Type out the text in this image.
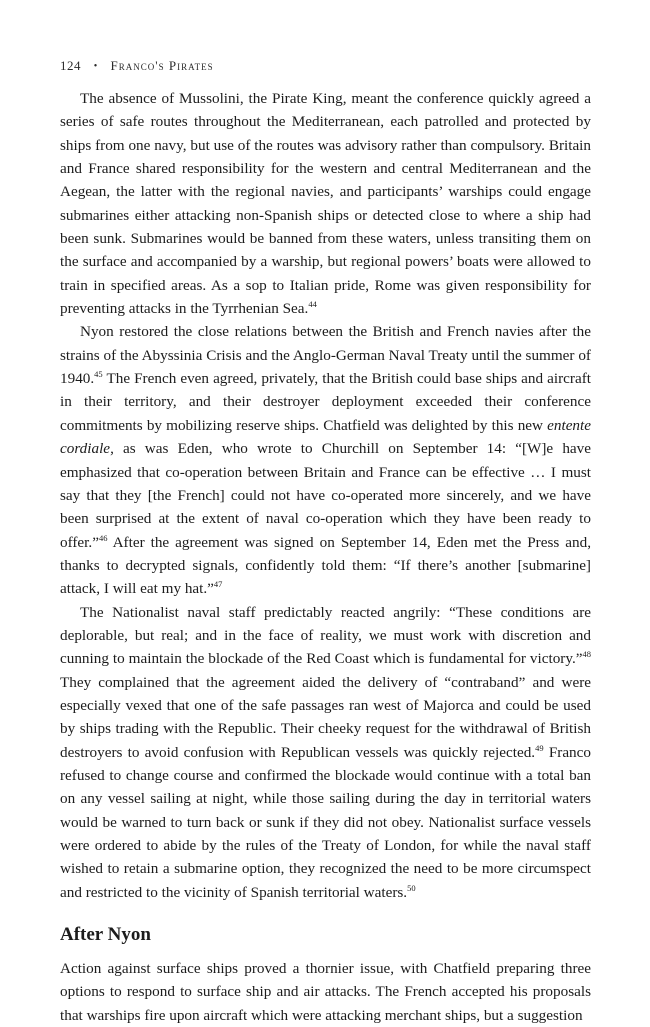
124 • Franco's Pirates

The absence of Mussolini, the Pirate King, meant the conference quickly agreed a series of safe routes throughout the Mediterranean, each patrolled and protected by ships from one navy, but use of the routes was advisory rather than compulsory. Britain and France shared responsibility for the western and central Mediterranean and the Aegean, the latter with the regional navies, and participants’ warships could engage submarines either attacking non-Spanish ships or detected close to where a ship had been sunk. Submarines would be banned from these waters, unless transiting them on the surface and accompanied by a warship, but regional powers’ boats were allowed to train in specified areas. As a sop to Italian pride, Rome was given responsibility for preventing attacks in the Tyrrhenian Sea.$^{44}$

Nyon restored the close relations between the British and French navies after the strains of the Abyssinia Crisis and the Anglo-German Naval Treaty until the summer of 1940.45 The French even agreed, privately, that the British could base ships and aircraft in their territory, and their destroyer deployment exceeded their conference commitments by mobilizing reserve ships. Chatfield was delighted by this new entente cordiale, as was Eden, who wrote to Churchill on September 14: “[W]e have emphasized that co-operation between Britain and France can be effective … I must say that they [the French] could not have co-operated more sincerely, and we have been surprised at the extent of naval co-operation which they have been ready to offer.”$^{46}$ After the agreement was signed on September 14, Eden met the Press and, thanks to decrypted signals, confidently told them: “If there’s another [submarine] attack, I will eat my hat.”$^{47}$

The Nationalist naval staff predictably reacted angrily: “These conditions are deplorable, but real; and in the face of reality, we must work with discretion and cunning to maintain the blockade of the Red Coast which is fundamental for victory.”$^{48}$ They complained that the agreement aided the delivery of “contraband” and were especially vexed that one of the safe passages ran west of Majorca and could be used by ships trading with the Republic. Their cheeky request for the withdrawal of British destroyers to avoid confusion with Republican vessels was quickly rejected.$^{49}$ Franco refused to change course and confirmed the blockade would continue with a total ban on any vessel sailing at night, while those sailing during the day in territorial waters would be warned to turn back or sunk if they did not obey. Nationalist surface vessels were ordered to abide by the rules of the Treaty of London, for while the naval staff wished to retain a submarine option, they recognized the need to be more circumspect and restricted to the vicinity of Spanish territorial waters.$^{50}$

After Nyon

Action against surface ships proved a thornier issue, with Chatfield preparing three options to respond to surface ship and air attacks. The French accepted his proposals that warships fire upon aircraft which were attacking merchant ships, but a suggestion
